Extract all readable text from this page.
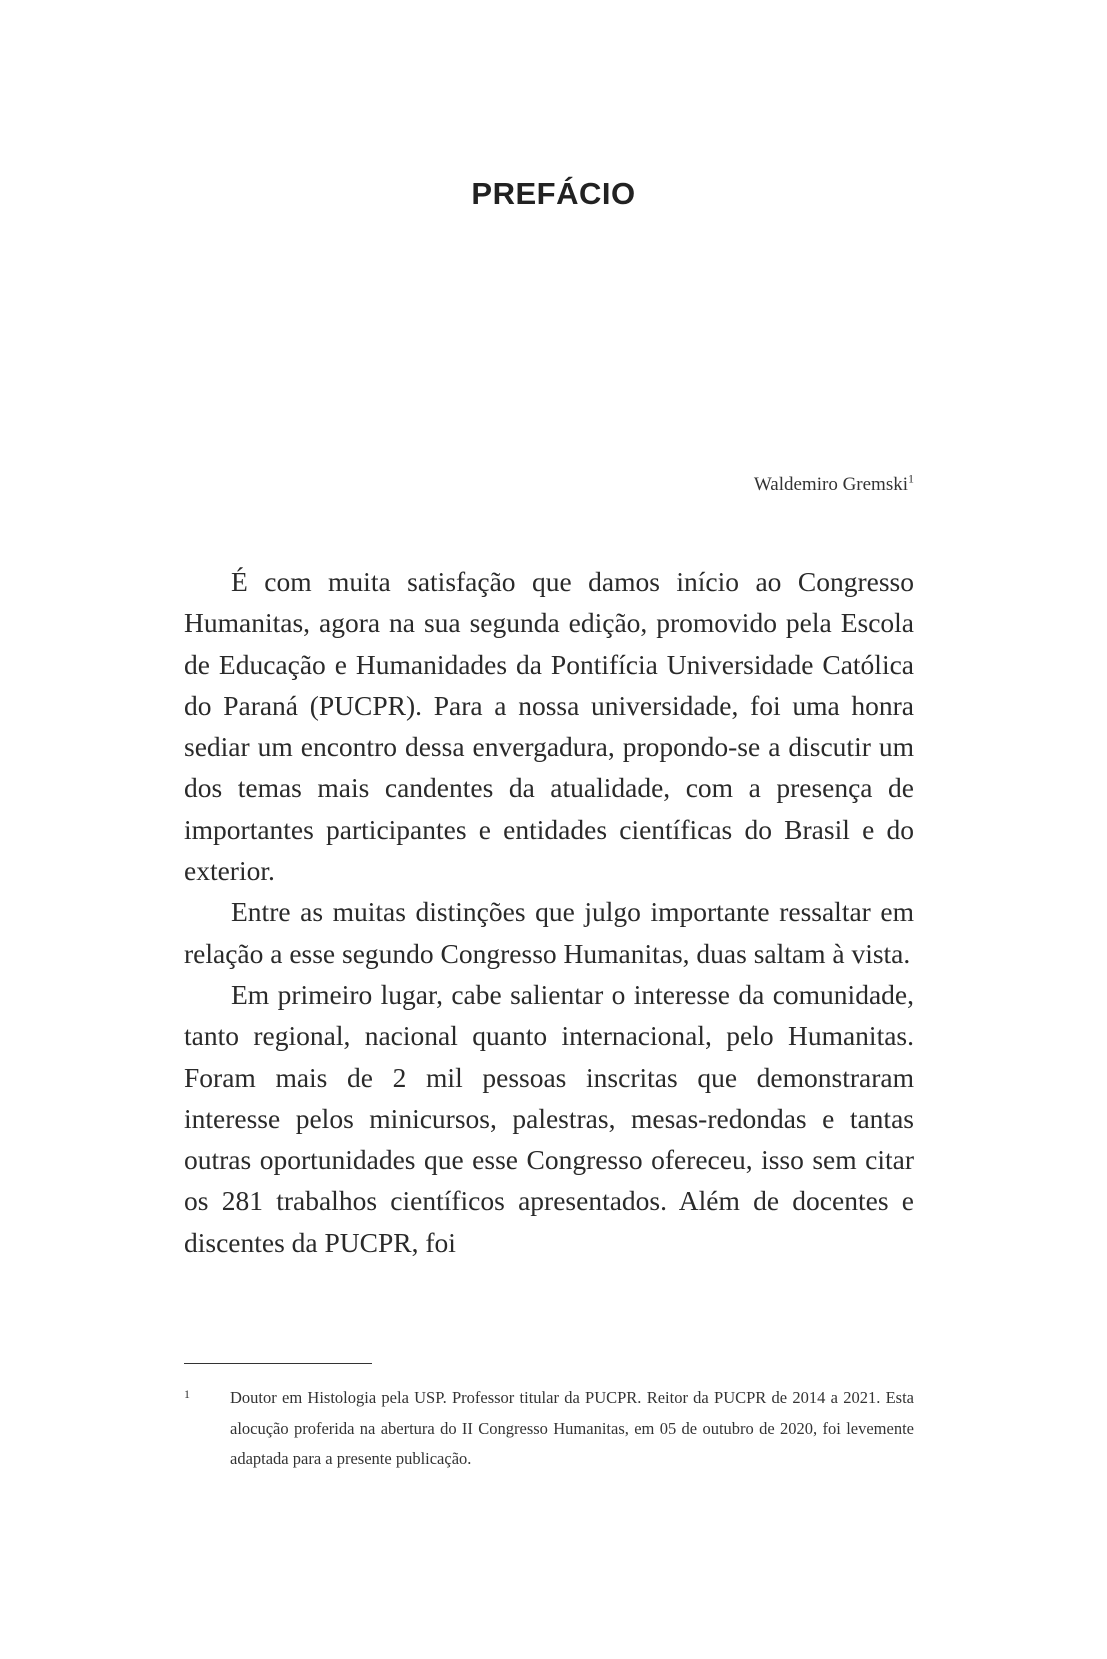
PREFÁCIO

Waldemiro Gremski$^1$

É com muita satisfação que damos início ao Congresso Humanitas, agora na sua segunda edição, promovido pela Escola de Educação e Humanidades da Pontifícia Universidade Católica do Paraná (PUCPR). Para a nossa universidade, foi uma honra sediar um encontro dessa envergadura, propondo-se a discutir um dos temas mais candentes da atualidade, com a presença de importantes participantes e entidades científicas do Brasil e do exterior.

Entre as muitas distinções que julgo importante ressaltar em relação a esse segundo Congresso Humanitas, duas saltam à vista.

Em primeiro lugar, cabe salientar o interesse da comunidade, tanto regional, nacional quanto internacional, pelo Humanitas. Foram mais de 2 mil pessoas inscritas que demonstraram interesse pelos minicursos, palestras, mesas-redondas e tantas outras oportunidades que esse Congresso ofereceu, isso sem citar os 281 trabalhos científicos apresentados. Além de docentes e discentes da PUCPR, foi

1 Doutor em Histologia pela USP. Professor titular da PUCPR. Reitor da PUCPR de 2014 a 2021. Esta alocução proferida na abertura do II Congresso Humanitas, em 05 de outubro de 2020, foi levemente adaptada para a presente publicação.
